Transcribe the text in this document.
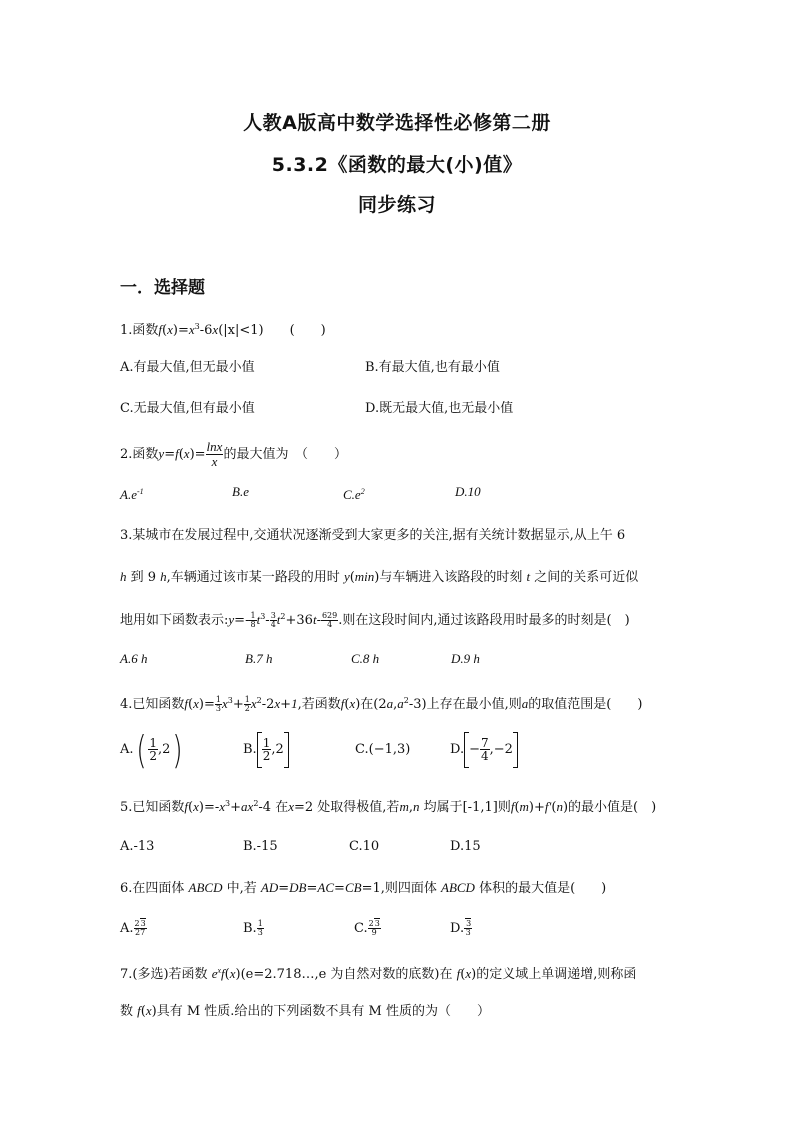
人教A版高中数学选择性必修第二册
5.3.2《函数的最大(小)值》
同步练习
一．选择题
1.函数$f(x)=x^3-6x(|x|<1)$　　(　　)
A.有最大值,但无最小值	B.有最大值,也有最小值
C.无最大值,但有最小值	D.既无最大值,也无最小值
2.函数$y=f(x)= \frac{\ln x}{x}$ 的最大值为　（　　）
$A.e^{-1}$	B.e	$C.e^2$	D.10
3.某城市在发展过程中,交通状况逐渐受到大家更多的关注,据有关统计数据显示,从上午 6
h 到 9 h,车辆通过该市某一路段的用时 y(min)与车辆进入该路段的时刻 t 之间的关系可近似
地用如下函数表示:y=- $\frac{1}{8} t^3- \frac{3}{4} t^2+36t- \frac{629}{4}$ .则在这段时间内,通过该路段用时最多的时刻是(　)
A.6 h	B.7 h	C.8 h	D.9 h
4.已知函数$f(x)= \frac{1}{3} x^3+ \frac{1}{2} x^2-2x+1$,若函数f(x)在$(2a,a^2-3)$上存在最小值,则a的取值范围是(　　)
$A.( \frac{1}{2} ,2)$	B. $\frac{1}{2} ,2$	C.(−1,3)	D. − $\frac{7}{4} ,-2$
5.已知函数$f(x)=-x^3+ax^2-4$ 在x=2 处取得极值,若m,n 均属于[-1,1]则f(m)+f′(n)的最小值是(　)
A.-13	B.-15	C.10	D.15
6.在四面体 ABCD 中,若 AD=DB=AC=CB=1,则四面体 ABCD 体积的最大值是(　　)
A. $\frac{23}{27}$	B. $\frac{1}{3}$	C. $\frac{23}{9}$	D. $\frac{3}{3}$
7.(多选)若函数 $e^xf(x)(e=2.718\dots,e$ 为自然对数的底数)在 f(x)的定义域上单调递增,则称函
数 f(x)具有 M 性质.给出的下列函数不具有 M 性质的为（　　）
